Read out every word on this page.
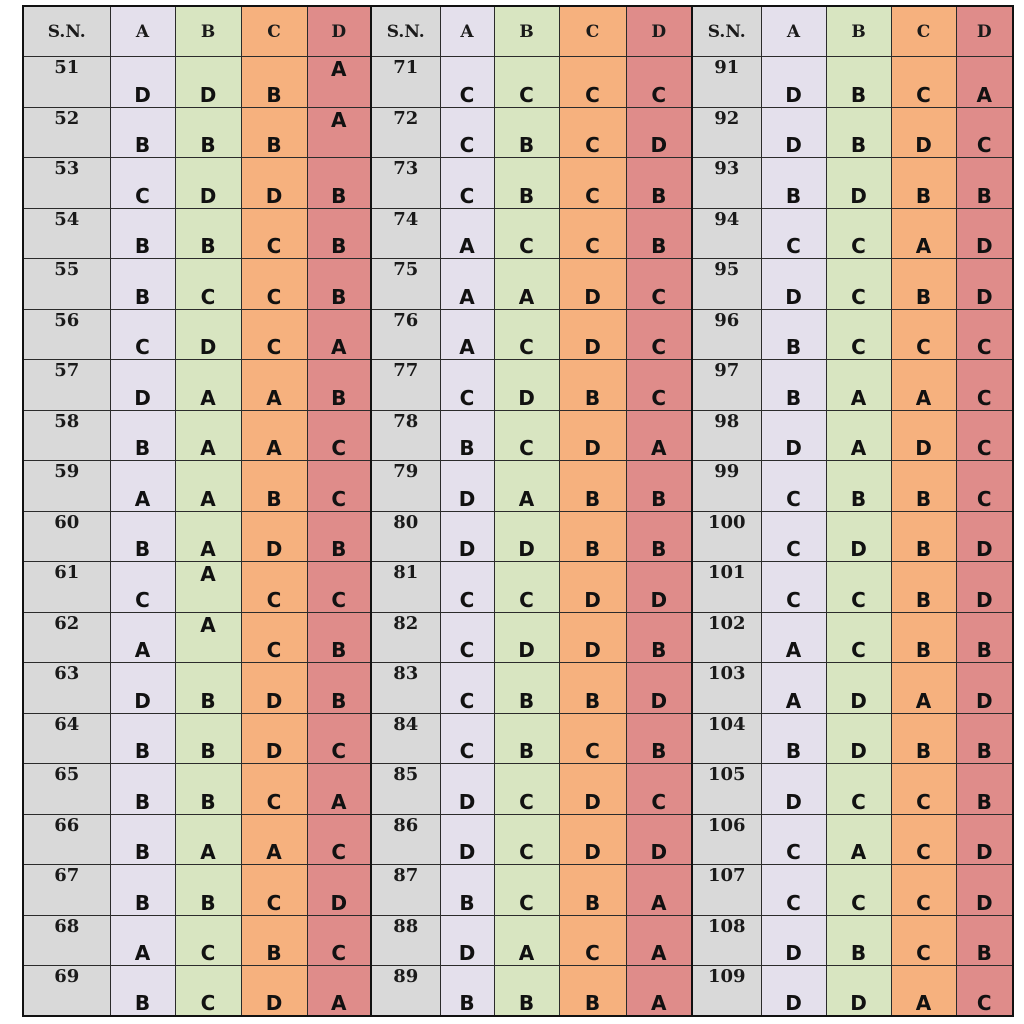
S.N.	A	B	C	D	S.N.	A	B	C	D	S.N.	A	B	C	D
51	D	D	B	A	71	C	C	C	C	91	D	B	C	A
52	B	B	B	A	72	C	B	C	D	92	D	B	D	C
53	C	D	D	B	73	C	B	C	B	93	B	D	B	B
54	B	B	C	B	74	A	C	C	B	94	C	C	A	D
55	B	C	C	B	75	A	A	D	C	95	D	C	B	D
56	C	D	C	A	76	A	C	D	C	96	B	C	C	C
57	D	A	A	B	77	C	D	B	C	97	B	A	A	C
58	B	A	A	C	78	B	C	D	A	98	D	A	D	C
59	A	A	B	C	79	D	A	B	B	99	C	B	B	C
60	B	A	D	B	80	D	D	B	B	100	C	D	B	D
61	C	A	C	C	81	C	C	D	D	101	C	C	B	D
62	A	A	C	B	82	C	D	D	B	102	A	C	B	B
63	D	B	D	B	83	C	B	B	D	103	A	D	A	D
64	B	B	D	C	84	C	B	C	B	104	B	D	B	B
65	B	B	C	A	85	D	C	D	C	105	D	C	C	B
66	B	A	A	C	86	D	C	D	D	106	C	A	C	D
67	B	B	C	D	87	B	C	B	A	107	C	C	C	D
68	A	C	B	C	88	D	A	C	A	108	D	B	C	B
69	B	C	D	A	89	B	B	B	A	109	D	D	A	C
